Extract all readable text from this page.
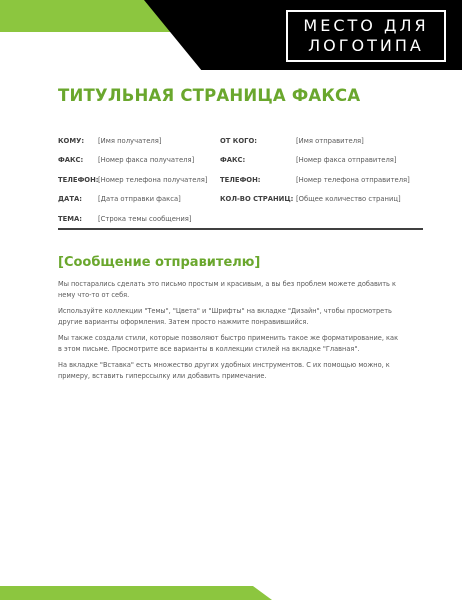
МЕСТО ДЛЯ
ЛОГОТИПА
ТИТУЛЬНАЯ СТРАНИЦА ФАКСА
КОМУ:	[Имя получателя]	ОТ КОГО:	[Имя отправителя]
ФАКС:	[Номер факса получателя]	ФАКС:	[Номер факса отправителя]
ТЕЛЕФОН: [Номер телефона получателя]	ТЕЛЕФОН:	[Номер телефона отправителя]
ДАТА:	[Дата отправки факса]	КОЛ-ВО СТРАНИЦ: [Общее количество страниц]
ТЕМА:	[Строка темы сообщения]
[Сообщение отправителю]

Мы постарались сделать это письмо простым и красивым, а вы без проблем можете добавить к нему что-то от себя.

Используйте коллекции "Темы", "Цвета" и "Шрифты" на вкладке "Дизайн", чтобы просмотреть другие варианты оформления. Затем просто нажмите понравившийся.

Мы также создали стили, которые позволяют быстро применить такое же форматирование, как в этом письме. Просмотрите все варианты в коллекции стилей на вкладке "Главная".

На вкладке "Вставка" есть множество других удобных инструментов. С их помощью можно, к примеру, вставить гиперссылку или добавить примечание.
